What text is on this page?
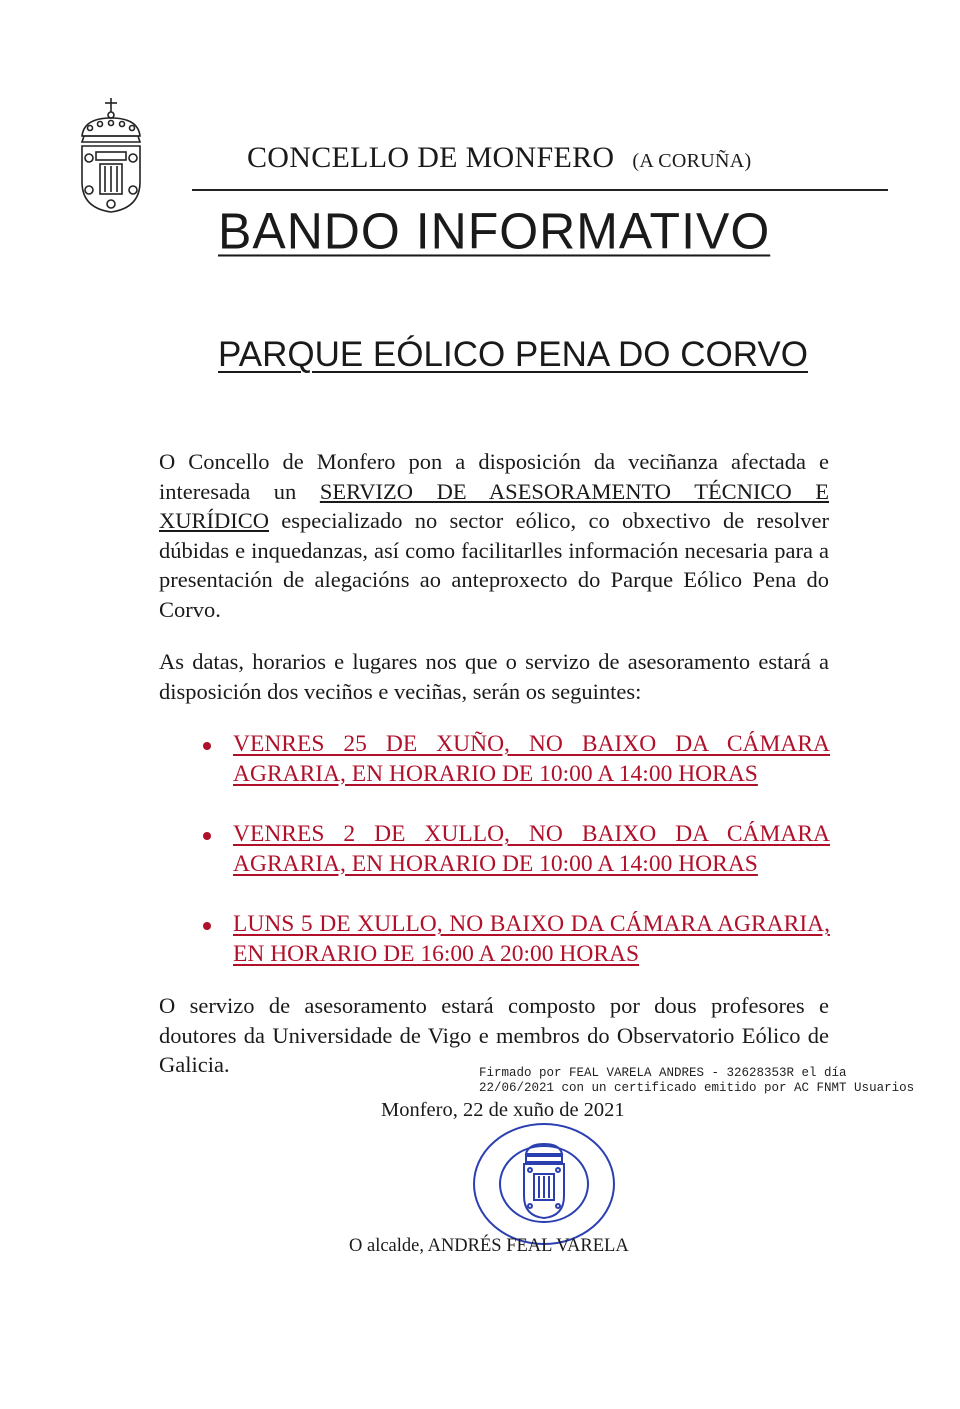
CONCELLO DE MONFERO (A CORUÑA)
BANDO INFORMATIVO
PARQUE EÓLICO PENA DO CORVO
O Concello de Monfero pon a disposición da veciñanza afectada e interesada un SERVIZO DE ASESORAMENTO TÉCNICO E XURÍDICO especializado no sector eólico, co obxectivo de resolver dúbidas e inquedanzas, así como facilitarlles información necesaria para a presentación de alegacións ao anteproxecto do Parque Eólico Pena do Corvo.
As datas, horarios e lugares nos que o servizo de asesoramento estará a disposición dos veciños e veciñas, serán os seguintes:
VENRES 25 DE XUÑO, NO BAIXO DA CÁMARA AGRARIA, EN HORARIO DE 10:00 A 14:00 HORAS
VENRES 2 DE XULLO, NO BAIXO DA CÁMARA AGRARIA, EN HORARIO DE 10:00 A 14:00 HORAS
LUNS 5 DE XULLO, NO BAIXO DA CÁMARA AGRARIA, EN HORARIO DE 16:00 A 20:00 HORAS
O servizo de asesoramento estará composto por dous profesores e doutores da Universidade de Vigo e membros do Observatorio Eólico de Galicia.	Firmado por FEAL VARELA ANDRES - 32628353R el día 22/06/2021 con un certificado emitido por AC FNMT Usuarios
Monfero, 22 de xuño de 2021
O alcalde, ANDRÉS FEAL VARELA
